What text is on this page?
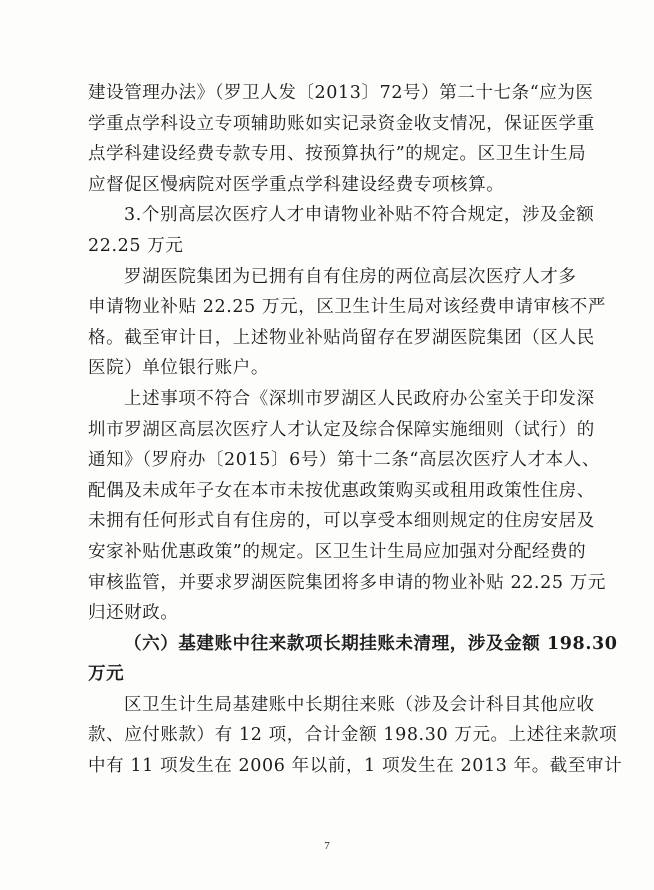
建设管理办法》（罗卫人发〔2013〕72号）第二十七条“应为医
学重点学科设立专项辅助账如实记录资金收支情况，保证医学重
点学科建设经费专款专用、按预算执行”的规定。区卫生计生局
应督促区慢病院对医学重点学科建设经费专项核算。
3.个别高层次医疗人才申请物业补贴不符合规定，涉及金额
22.25 万元
罗湖医院集团为已拥有自有住房的两位高层次医疗人才多
申请物业补贴 22.25 万元，区卫生计生局对该经费申请审核不严
格。截至审计日，上述物业补贴尚留存在罗湖医院集团（区人民
医院）单位银行账户。
上述事项不符合《深圳市罗湖区人民政府办公室关于印发深
圳市罗湖区高层次医疗人才认定及综合保障实施细则（试行）的
通知》（罗府办〔2015〕6号）第十二条“高层次医疗人才本人、
配偶及未成年子女在本市未按优惠政策购买或租用政策性住房、
未拥有任何形式自有住房的，可以享受本细则规定的住房安居及
安家补贴优惠政策”的规定。区卫生计生局应加强对分配经费的
审核监管，并要求罗湖医院集团将多申请的物业补贴 22.25 万元
归还财政。
（六）基建账中往来款项长期挂账未清理，涉及金额 198.30
万元
区卫生计生局基建账中长期往来账（涉及会计科目其他应收
款、应付账款）有 12 项，合计金额 198.30 万元。上述往来款项
中有 11 项发生在 2006 年以前，1 项发生在 2013 年。截至审计
7
